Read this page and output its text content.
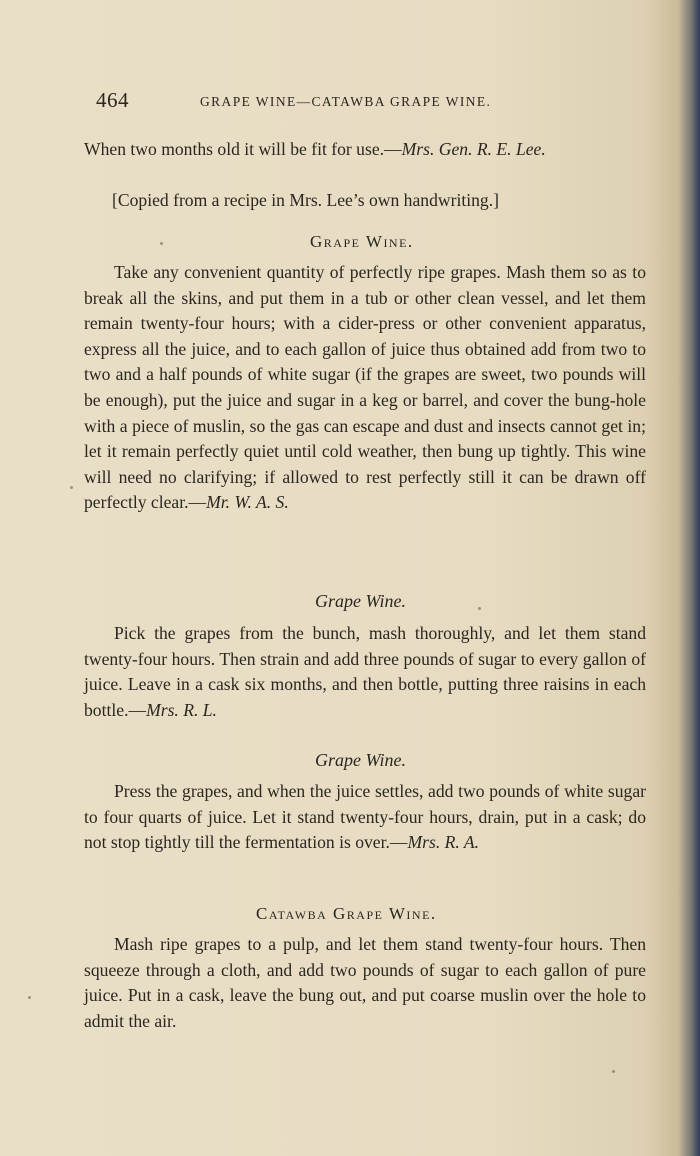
464	GRAPE WINE—CATAWBA GRAPE WINE.

When two months old it will be fit for use.—Mrs. Gen. R. E. Lee.

[Copied from a recipe in Mrs. Lee’s own handwriting.]

Grape Wine.

Take any convenient quantity of perfectly ripe grapes. Mash them so as to break all the skins, and put them in a tub or other clean vessel, and let them remain twenty-four hours; with a cider-press or other convenient apparatus, express all the juice, and to each gallon of juice thus obtained add from two to two and a half pounds of white sugar (if the grapes are sweet, two pounds will be enough), put the juice and sugar in a keg or barrel, and cover the bung-hole with a piece of muslin, so the gas can escape and dust and insects cannot get in; let it remain perfectly quiet until cold weather, then bung up tightly. This wine will need no clarifying; if allowed to rest perfectly still it can be drawn off perfectly clear.—Mr. W. A. S.

Grape Wine.

Pick the grapes from the bunch, mash thoroughly, and let them stand twenty-four hours. Then strain and add three pounds of sugar to every gallon of juice. Leave in a cask six months, and then bottle, putting three raisins in each bottle.—Mrs. R. L.

Grape Wine.

Press the grapes, and when the juice settles, add two pounds of white sugar to four quarts of juice. Let it stand twenty-four hours, drain, put in a cask; do not stop tightly till the fermentation is over.—Mrs. R. A.

Catawba Grape Wine.

Mash ripe grapes to a pulp, and let them stand twenty-four hours. Then squeeze through a cloth, and add two pounds of sugar to each gallon of pure juice. Put in a cask, leave the bung out, and put coarse muslin over the hole to admit the air.
